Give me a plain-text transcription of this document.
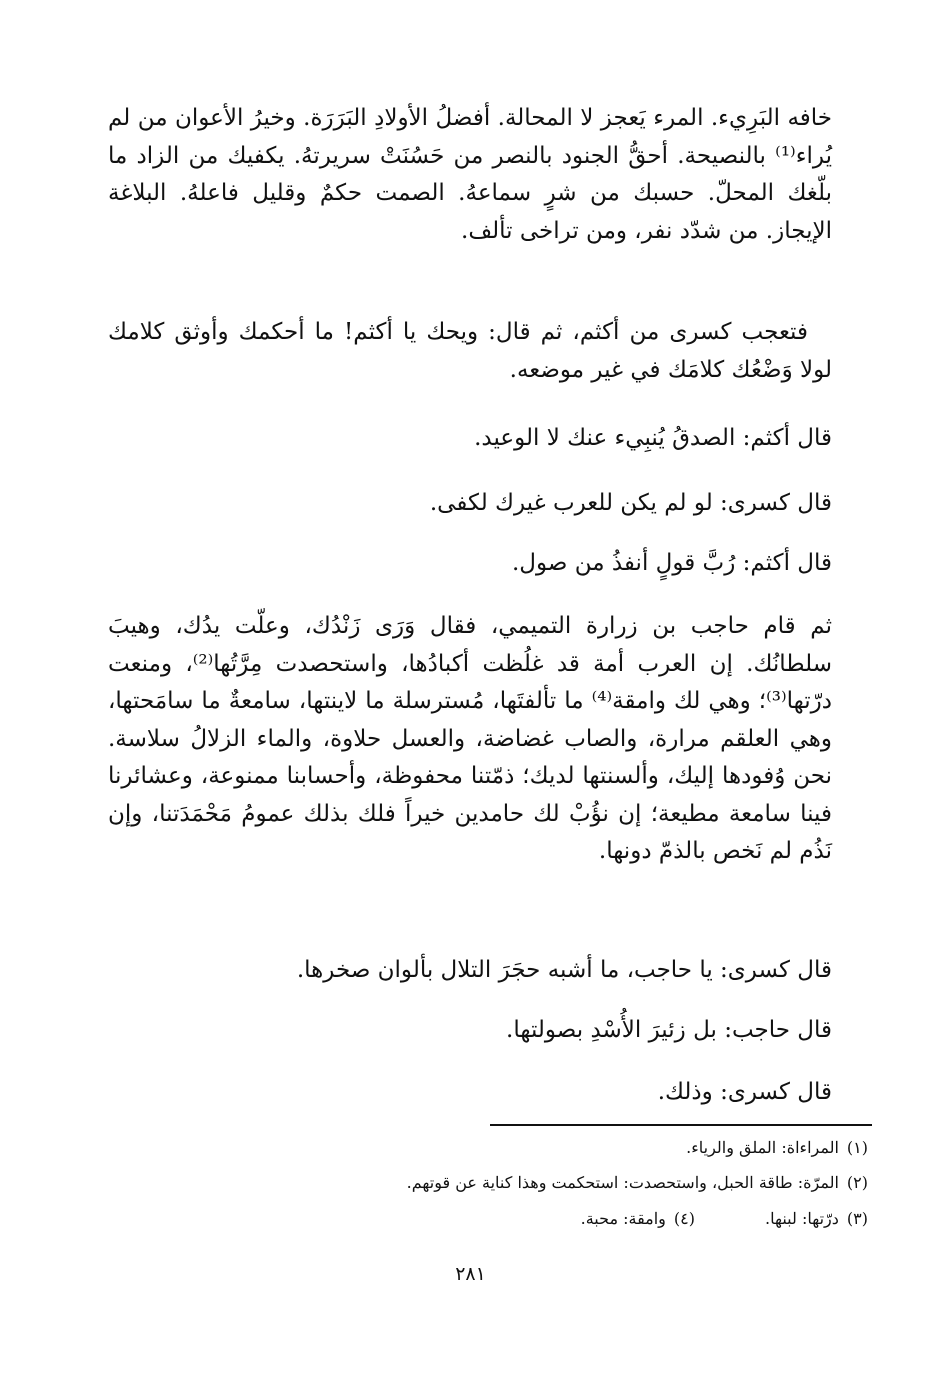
خافه البَرِيء. المرء يَعجز لا المحالة. أفضلُ الأولادِ البَرَرَة. وخيرُ الأعوان من لم يُراء⁽¹⁾ بالنصيحة. أحقُّ الجنود بالنصر من حَسُنَتْ سريرتهُ. يكفيك من الزاد ما بلّغك المحلّ. حسبك من شرٍ سماعهُ. الصمت حكمٌ وقليل فاعلهُ. البلاغة الإيجاز. من شدّد نفر، ومن تراخى تألف.

فتعجب كسرى من أكثم، ثم قال: ويحك يا أكثم! ما أحكمك وأوثق كلامك لولا وَضْعُك كلامَك في غير موضعه.

قال أكثم: الصدقُ يُنبِيء عنك لا الوعيد.

قال كسرى: لو لم يكن للعرب غيرك لكفى.

قال أكثم: رُبَّ قولٍ أنفذُ من صول.

ثم قام حاجب بن زرارة التميمي، فقال وَرَى زَنْدُك، وعلّت يدُك، وهيبَ سلطانُك. إن العرب أمة قد غلُظت أكبادُها، واستحصدت مِرَّتُها⁽²⁾، ومنعت درّتها⁽³⁾؛ وهي لك وامقة⁽⁴⁾ ما تألفتَها، مُسترسلة ما لاينتها، سامعةٌ ما سامَحتها، وهي العلقم مرارة، والصاب غضاضة، والعسل حلاوة، والماء الزلالُ سلاسة. نحن وُفودها إليك، وألسنتها لديك؛ ذمّتنا محفوظة، وأحسابنا ممنوعة، وعشائرنا فينا سامعة مطيعة؛ إن نؤُبْ لك حامدين خيراً فلك بذلك عمومُ مَحْمَدَتنا، وإن نَذُم لم نَخص بالذمّ دونها.

قال كسرى: يا حاجب، ما أشبه حجَرَ التلال بألوان صخرها.

قال حاجب: بل زئيرَ الأُسْدِ بصولتها.

قال كسرى: وذلك.

(١)المراءاة: الملق والرياء.

(٢)المرّة: طاقة الحبل، واستحصدت: استحكمت وهذا كناية عن قوتهم.

(٣)درّتها: لبنها.(٤)وامقة: محبة.

٢٨١
